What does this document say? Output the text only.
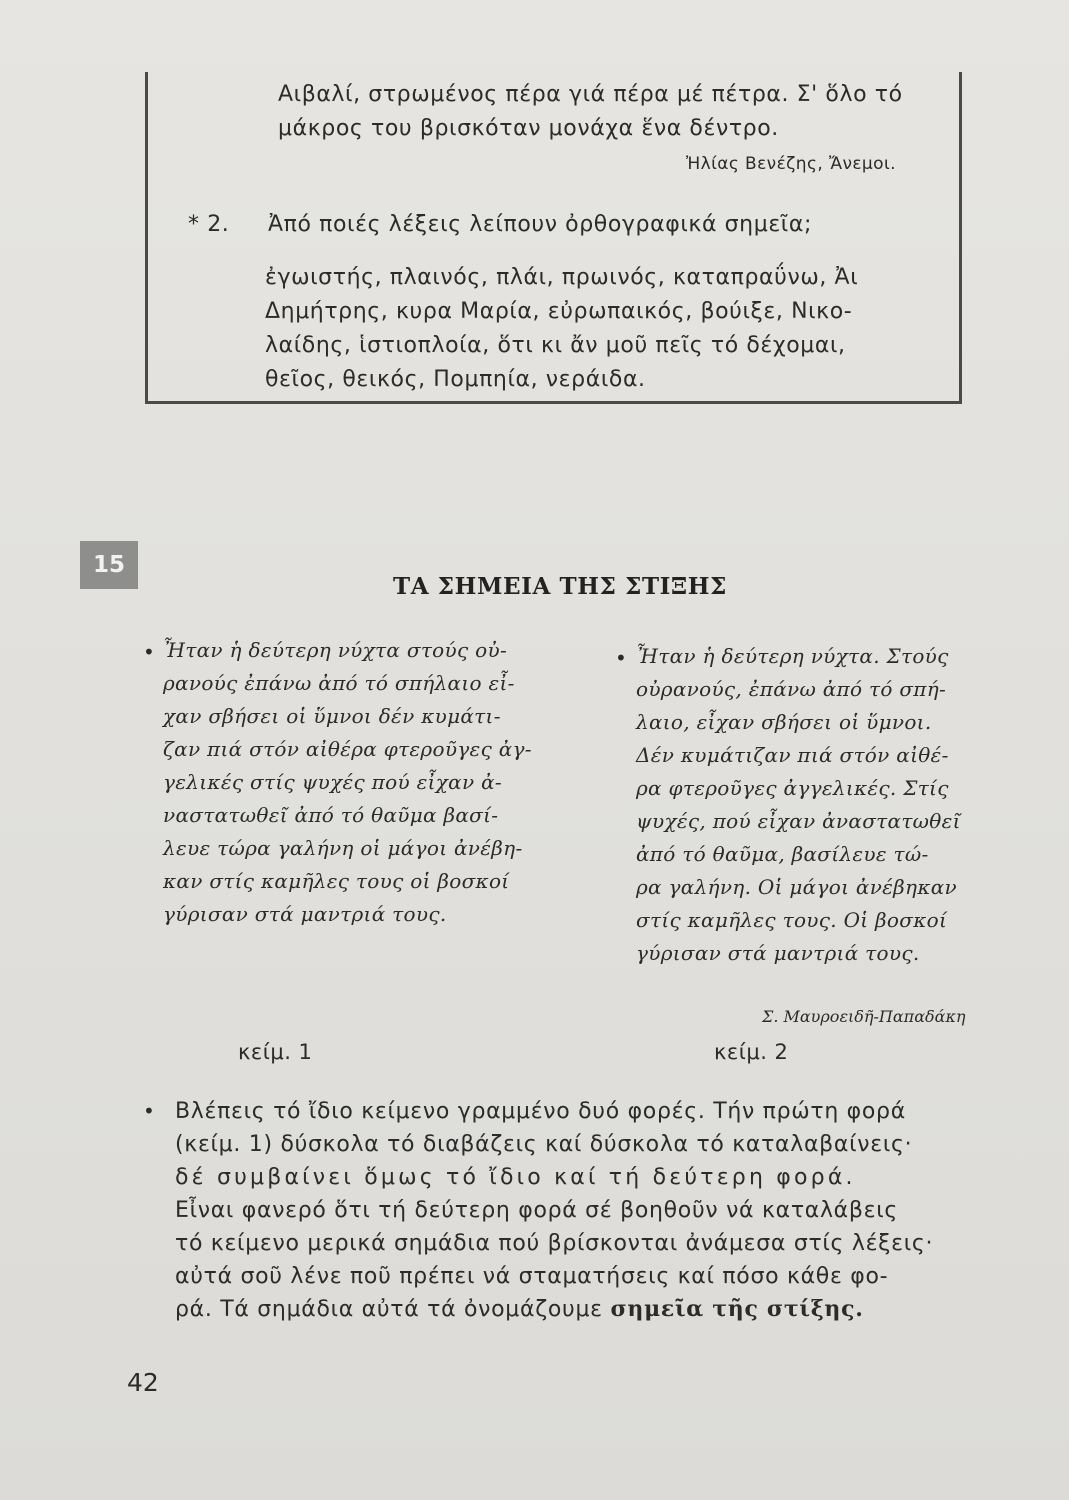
Αιβαλί, στρωμένος πέρα γιά πέρα μέ πέτρα. Σ' ὅλο τό
μάκρος του βρισκόταν μονάχα ἕνα δέντρο.
Ἠλίας Βενέζης, Ἄνεμοι.
* 2. Ἀπό ποιές λέξεις λείπουν ὀρθογραφικά σημεῖα;
ἐγωιστής, πλαινός, πλάι, πρωινός, καταπραΰνω, Ἀι
Δημήτρης, κυρα Μαρία, εὐρωπαικός, βούιξε, Νικο-
λαίδης, ἱστιοπλοία, ὅτι κι ἄν μοῦ πεῖς τό δέχομαι,
θεῖος, θεικός, Πομπηία, νεράιδα.
15
ΤΑ ΣΗΜΕΙΑ ΤΗΣ ΣΤΙΞΗΣ
• Ἦταν ἡ δεύτερη νύχτα στούς οὐ-
ρανούς ἐπάνω ἀπό τό σπήλαιο εἶ-
χαν σβήσει οἱ ὕμνοι δέν κυμάτι-
ζαν πιά στόν αἰθέρα φτεροῦγες ἀγ-
γελικές στίς ψυχές πού εἶχαν ἀ-
ναστατωθεῖ ἀπό τό θαῦμα βασί-
λευε τώρα γαλήνη οἱ μάγοι ἀνέβη-
καν στίς καμῆλες τους οἱ βοσκοί
γύρισαν στά μαντριά τους.
• Ἦταν ἡ δεύτερη νύχτα. Στούς
οὐρανούς, ἐπάνω ἀπό τό σπή-
λαιο, εἶχαν σβήσει οἱ ὕμνοι.
Δέν κυμάτιζαν πιά στόν αἰθέ-
ρα φτεροῦγες ἀγγελικές. Στίς
ψυχές, πού εἶχαν ἀναστατωθεῖ
ἀπό τό θαῦμα, βασίλευε τώ-
ρα γαλήνη. Οἱ μάγοι ἀνέβηκαν
στίς καμῆλες τους. Οἱ βοσκοί
γύρισαν στά μαντριά τους.
Σ. Μαυροειδῆ-Παπαδάκη
κείμ. 1	κείμ. 2
• Βλέπεις τό ἴδιο κείμενο γραμμένο δυό φορές. Τήν πρώτη φορά
(κείμ. 1) δύσκολα τό διαβάζεις καί δύσκολα τό καταλαβαίνεις·
δέ συμβαίνει ὅμως τό ἴδιο καί τή δεύτερη φορά.
Εἶναι φανερό ὅτι τή δεύτερη φορά σέ βοηθοῦν νά καταλάβεις
τό κείμενο μερικά σημάδια πού βρίσκονται ἀνάμεσα στίς λέξεις·
αὐτά σοῦ λένε ποῦ πρέπει νά σταματήσεις καί πόσο κάθε φο-
ρά. Τά σημάδια αὐτά τά ὀνομάζουμε σημεῖα τῆς στίξης.
42
